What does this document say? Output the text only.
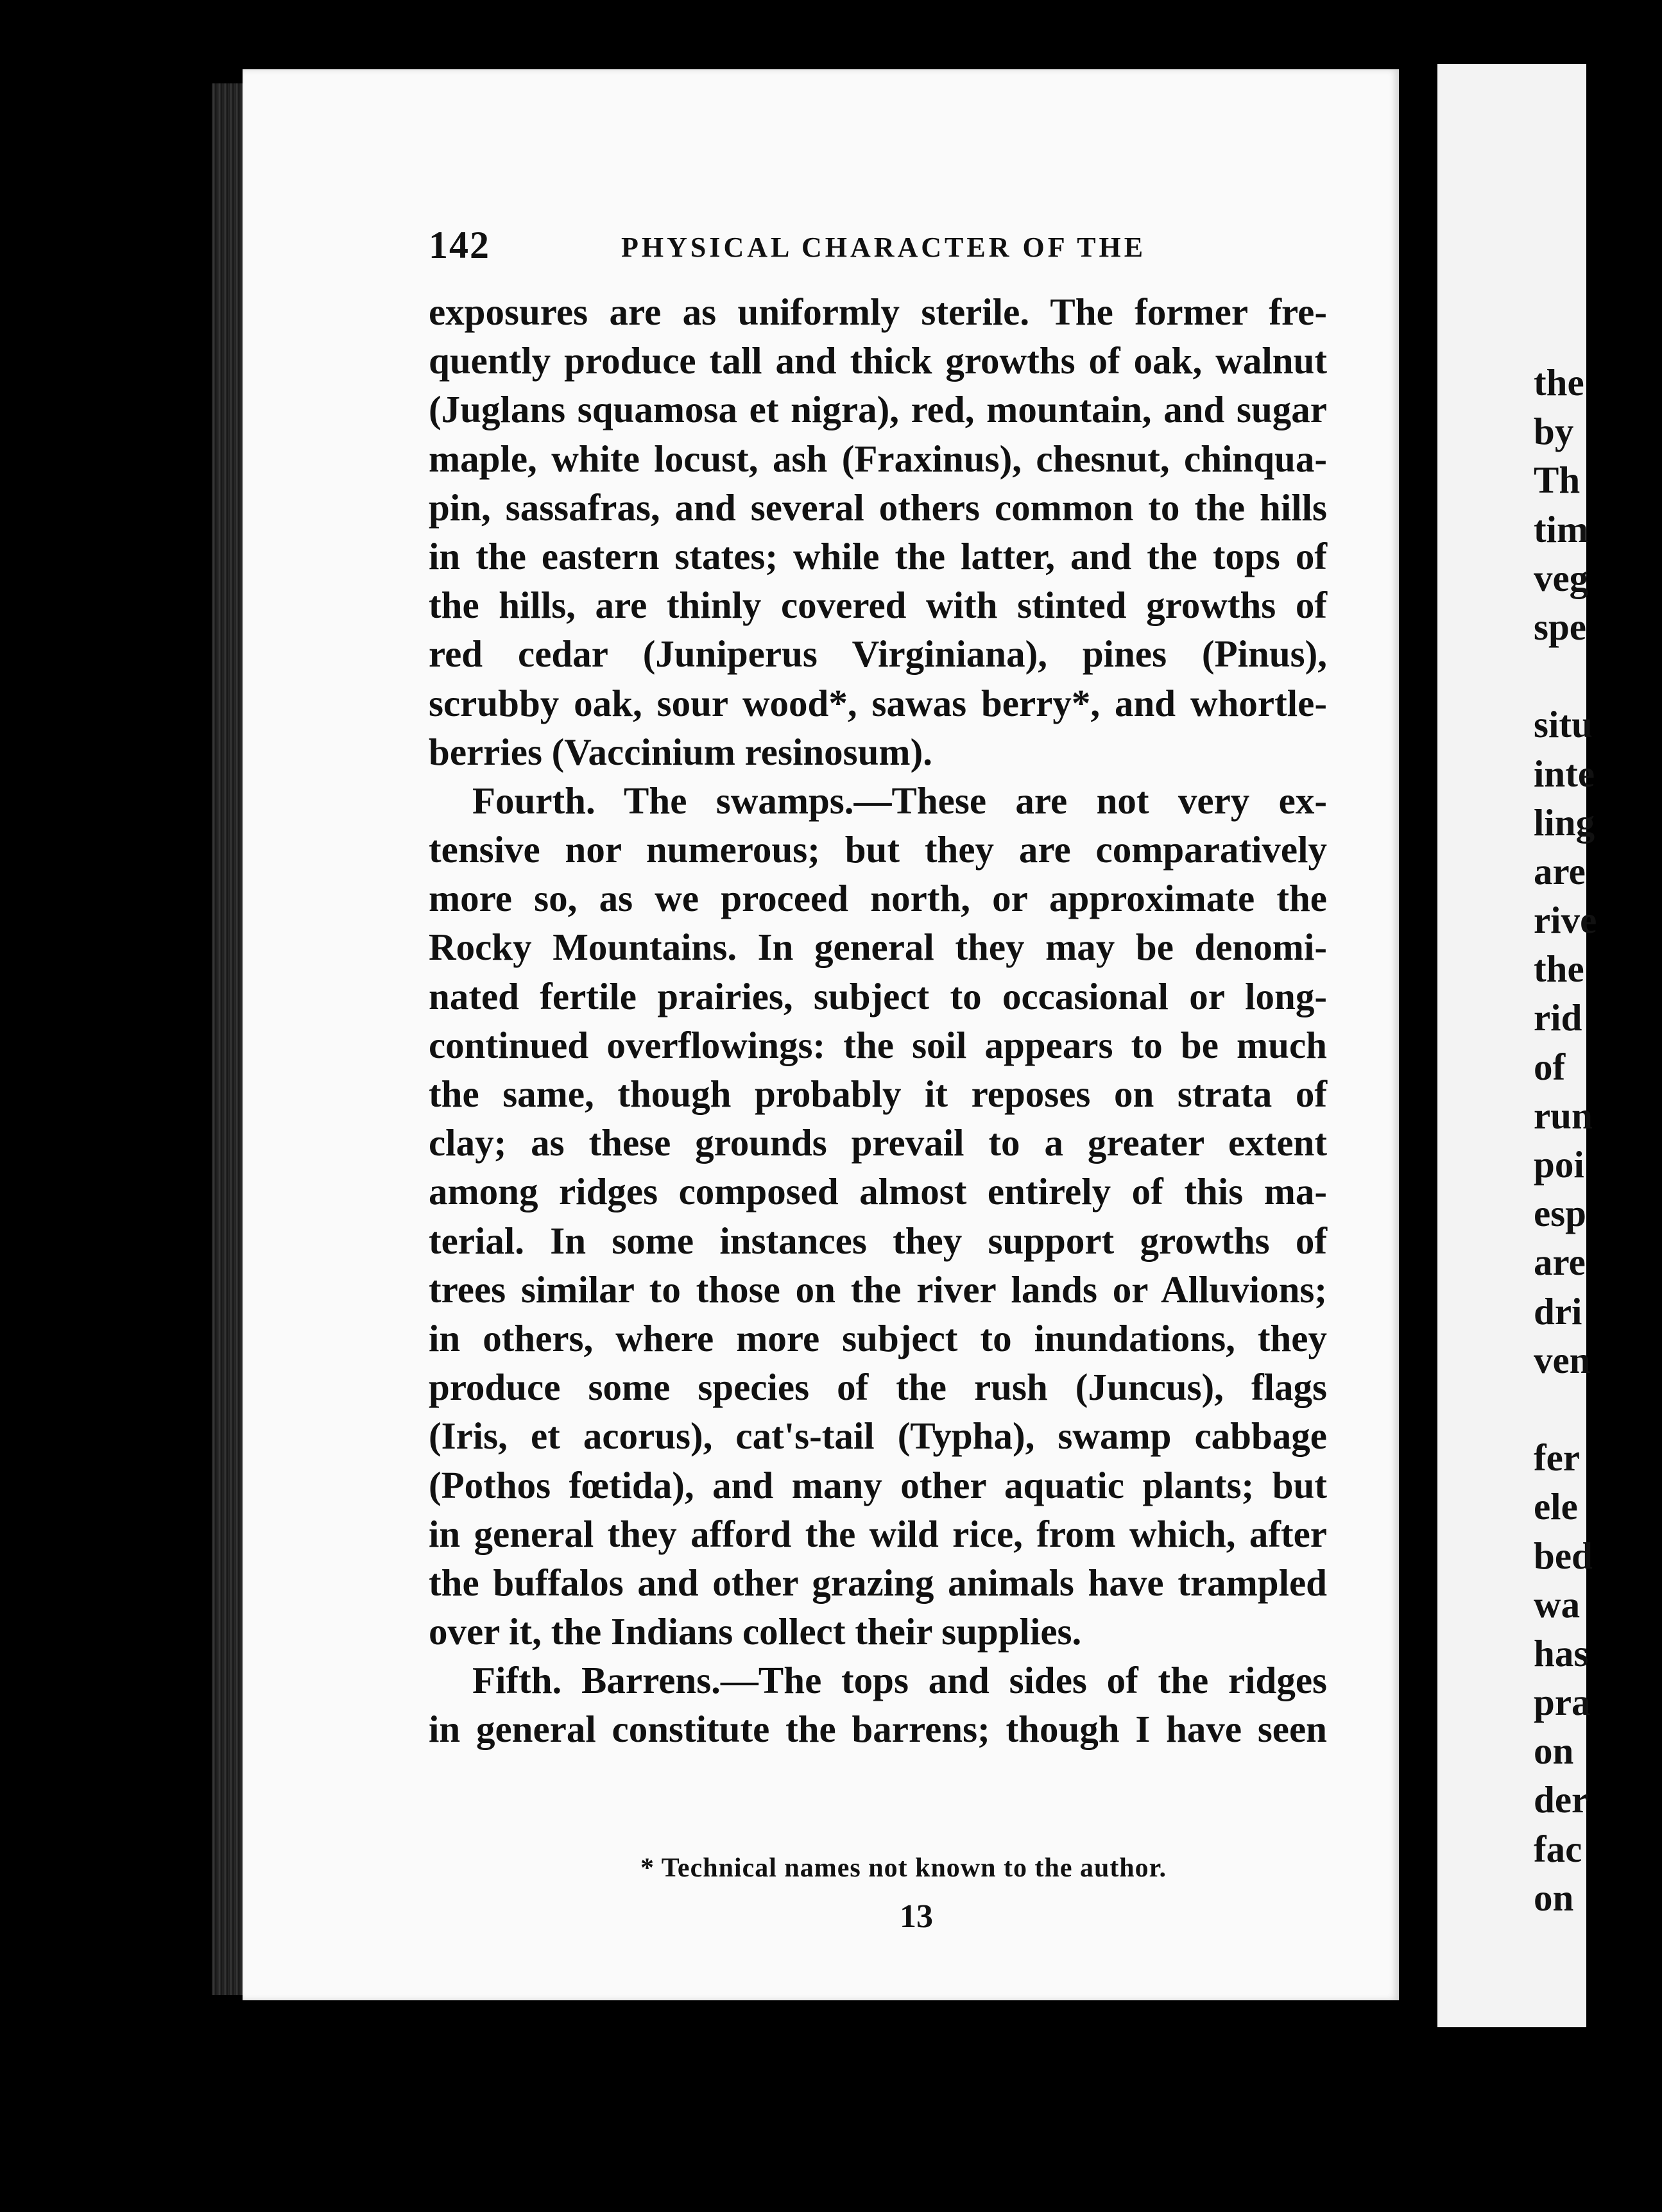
142	PHYSICAL CHARACTER OF THE
exposures are as uniformly sterile. The former fre-
quently produce tall and thick growths of oak, walnut
(Juglans squamosa et nigra), red, mountain, and sugar
maple, white locust, ash (Fraxinus), chesnut, chinqua-
pin, sassafras, and several others common to the hills
in the eastern states; while the latter, and the tops of
the hills, are thinly covered with stinted growths of
red cedar (Juniperus Virginiana), pines (Pinus),
scrubby oak, sour wood*, sawas berry*, and whortle-
berries (Vaccinium resinosum).
Fourth. The swamps.—These are not very ex-
tensive nor numerous; but they are comparatively
more so, as we proceed north, or approximate the
Rocky Mountains. In general they may be denomi-
nated fertile prairies, subject to occasional or long-
continued overflowings: the soil appears to be much
the same, though probably it reposes on strata of
clay; as these grounds prevail to a greater extent
among ridges composed almost entirely of this ma-
terial. In some instances they support growths of
trees similar to those on the river lands or Alluvions;
in others, where more subject to inundations, they
produce some species of the rush (Juncus), flags
(Iris, et acorus), cat's-tail (Typha), swamp cabbage
(Pothos fœtida), and many other aquatic plants; but
in general they afford the wild rice, from which, after
the buffalos and other grazing animals have trampled
over it, the Indians collect their supplies.
Fifth. Barrens.—The tops and sides of the ridges
in general constitute the barrens; though I have seen
* Technical names not known to the author.
13
the
by
Th
tim
veg
spe
situ
inte
ling
are
rive
the
rid
of
run
poi
esp
are
dri
ven
fer
ele
bed
wa
has
pra
on
der
fac
on
